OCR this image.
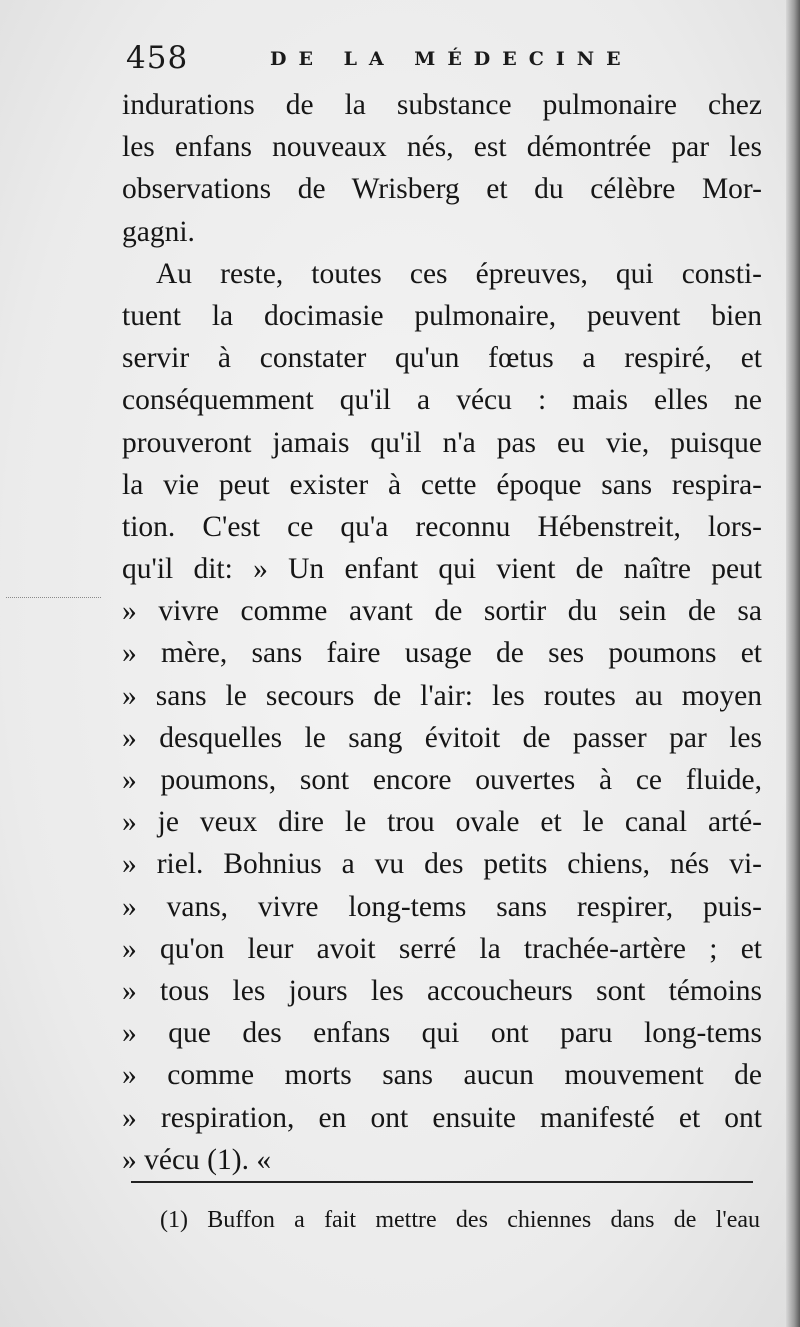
458	DE LA MÉDECINE
indurations de la substance pulmonaire chez
les enfans nouveaux nés, est démontrée par les
observations de Wrisberg et du célèbre Mor-
gagni.
Au reste, toutes ces épreuves, qui consti-
tuent la docimasie pulmonaire, peuvent bien
servir à constater qu'un fœtus a respiré, et
conséquemment qu'il a vécu : mais elles ne
prouveront jamais qu'il n'a pas eu vie, puisque
la vie peut exister à cette époque sans respira-
tion. C'est ce qu'a reconnu Hébenstreit, lors-
qu'il dit: » Un enfant qui vient de naître peut
» vivre comme avant de sortir du sein de sa
» mère, sans faire usage de ses poumons et
» sans le secours de l'air: les routes au moyen
» desquelles le sang évitoit de passer par les
» poumons, sont encore ouvertes à ce fluide,
» je veux dire le trou ovale et le canal arté-
» riel. Bohnius a vu des petits chiens, nés vi-
» vans, vivre long-tems sans respirer, puis-
» qu'on leur avoit serré la trachée-artère ; et
» tous les jours les accoucheurs sont témoins
» que des enfans qui ont paru long-tems
» comme morts sans aucun mouvement de
» respiration, en ont ensuite manifesté et ont
» vécu (1). «
(1) Buffon a fait mettre des chiennes dans de l'eau
